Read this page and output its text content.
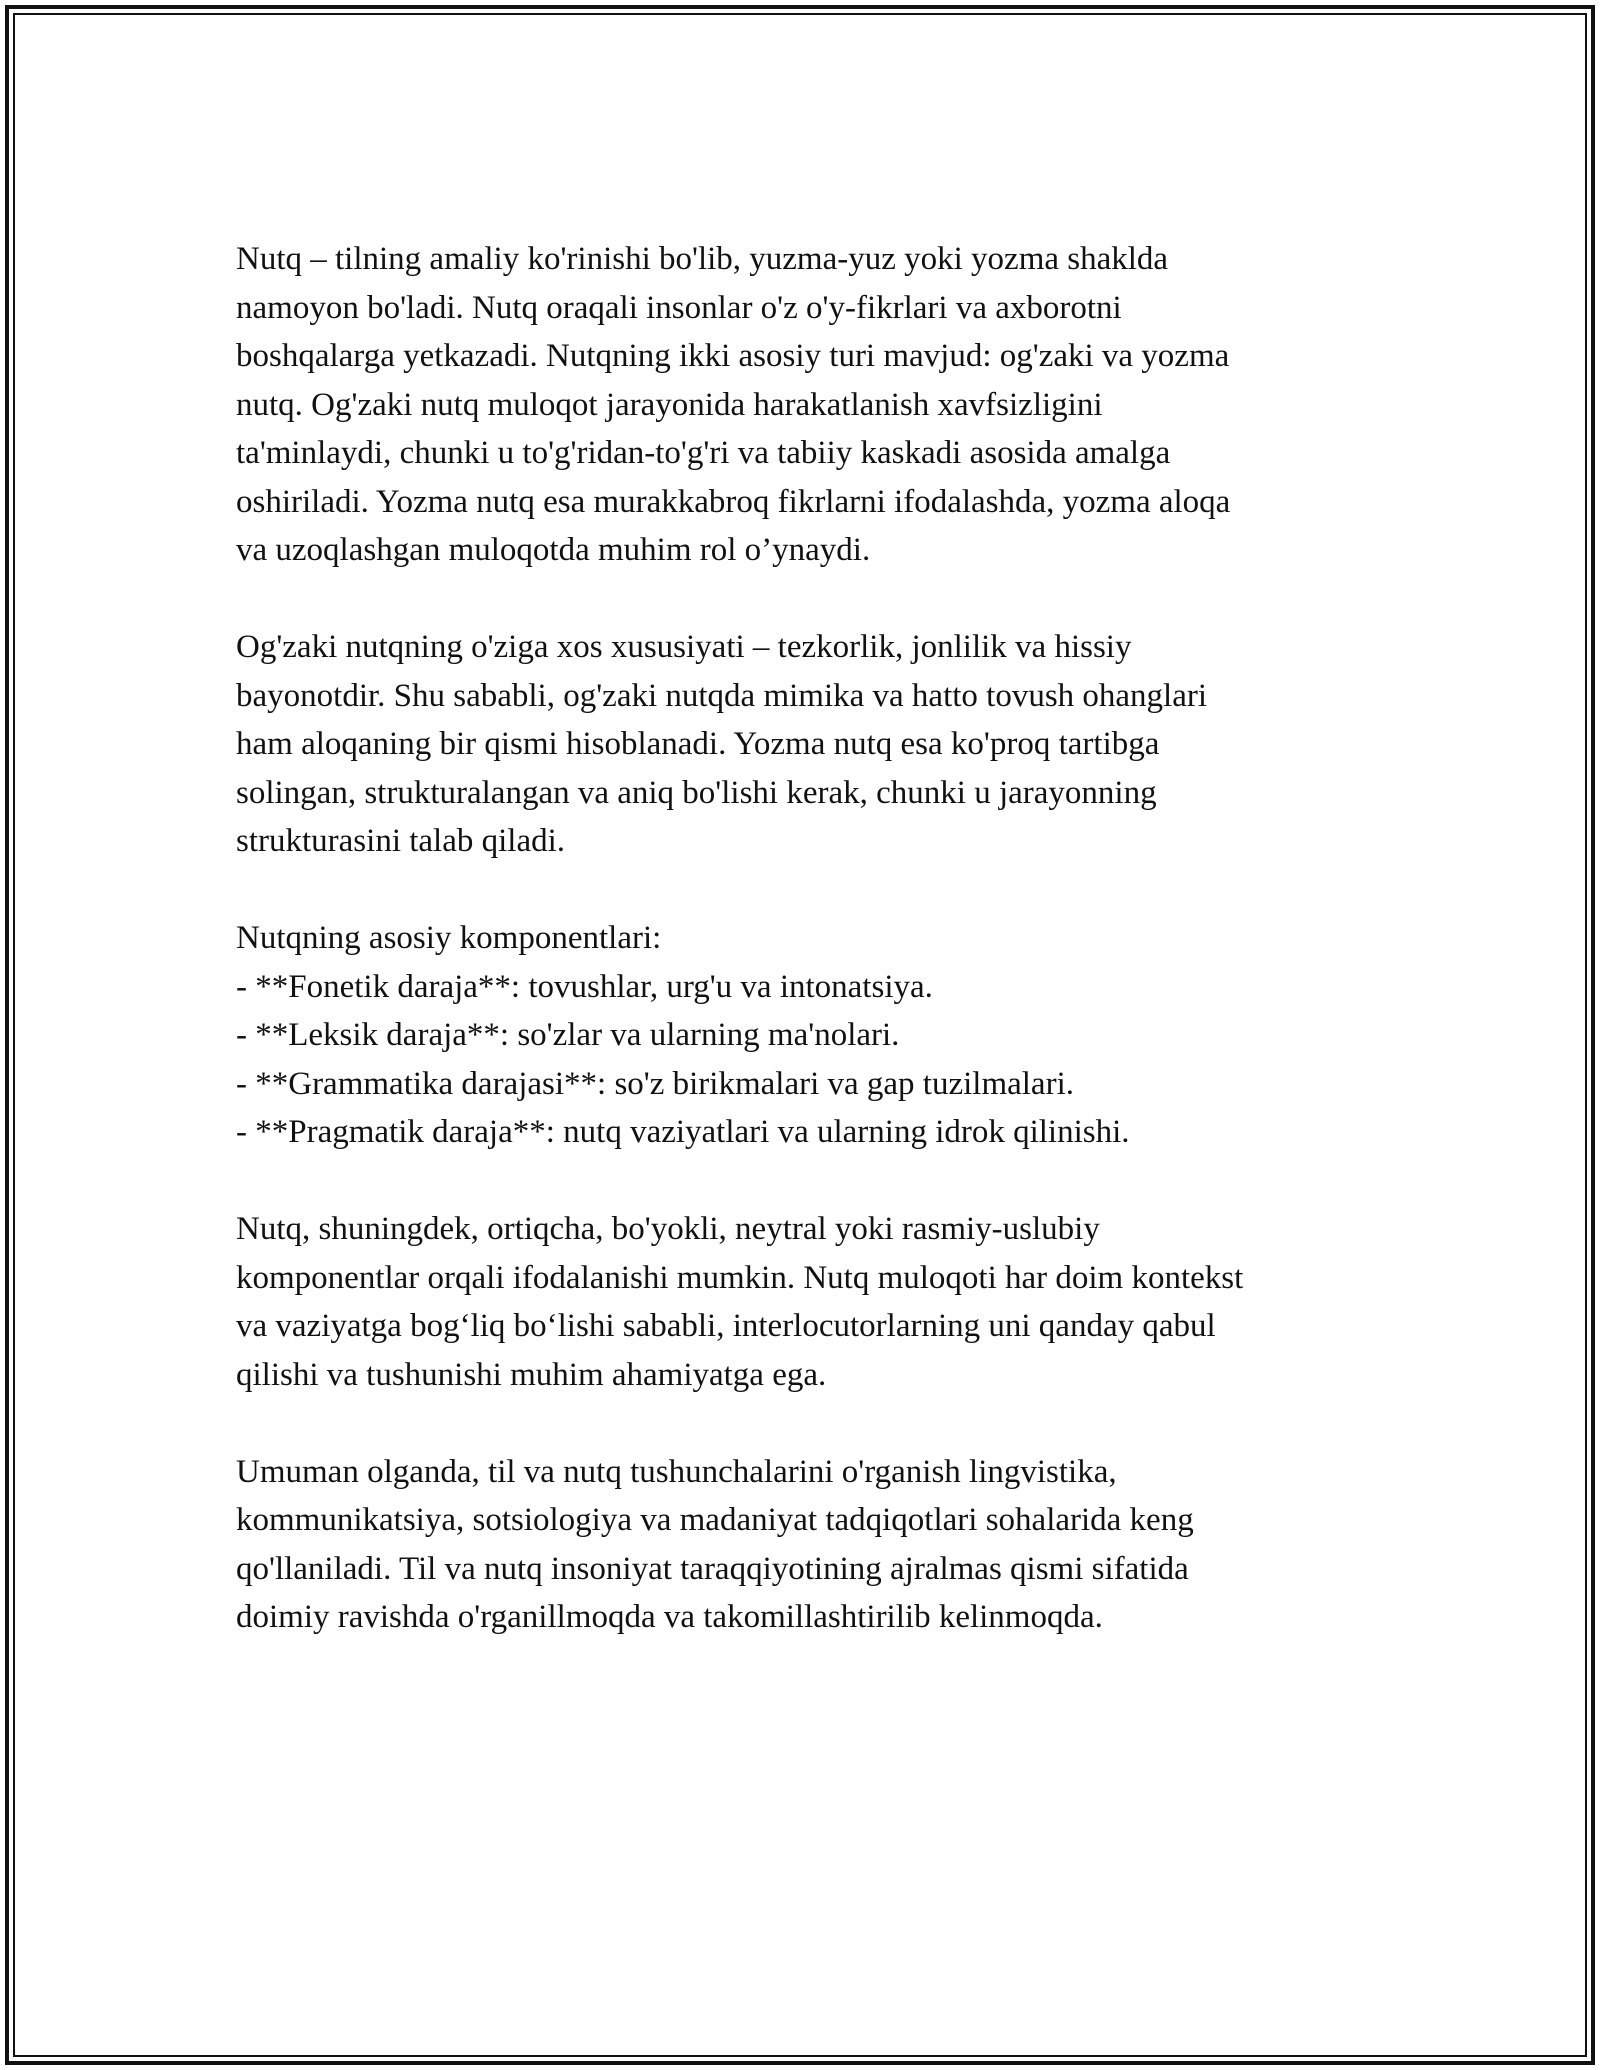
Nutq – tilning amaliy ko'rinishi bo'lib, yuzma-yuz yoki yozma shaklda
namoyon bo'ladi. Nutq oraqali insonlar o'z o'y-fikrlari va axborotni
boshqalarga yetkazadi. Nutqning ikki asosiy turi mavjud: og'zaki va yozma
nutq. Og'zaki nutq muloqot jarayonida harakatlanish xavfsizligini
ta'minlaydi, chunki u to'g'ridan-to'g'ri va tabiiy kaskadi asosida amalga
oshiriladi. Yozma nutq esa murakkabroq fikrlarni ifodalashda, yozma aloqa
va uzoqlashgan muloqotda muhim rol o’ynaydi.

Og'zaki nutqning o'ziga xos xususiyati – tezkorlik, jonlilik va hissiy
bayonotdir. Shu sababli, og'zaki nutqda mimika va hatto tovush ohanglari
ham aloqaning bir qismi hisoblanadi. Yozma nutq esa ko'proq tartibga
solingan, strukturalangan va aniq bo'lishi kerak, chunki u jarayonning
strukturasini talab qiladi.

Nutqning asosiy komponentlari:

- **Fonetik daraja**: tovushlar, urg'u va intonatsiya.
- **Leksik daraja**: so'zlar va ularning ma'nolari.
- **Grammatika darajasi**: so'z birikmalari va gap tuzilmalari.
- **Pragmatik daraja**: nutq vaziyatlari va ularning idrok qilinishi.

Nutq, shuningdek, ortiqcha, bo'yokli, neytral yoki rasmiy-uslubiy
komponentlar orqali ifodalanishi mumkin. Nutq muloqoti har doim kontekst
va vaziyatga bog‘liq bo‘lishi sababli, interlocutorlarning uni qanday qabul
qilishi va tushunishi muhim ahamiyatga ega.

Umuman olganda, til va nutq tushunchalarini o'rganish lingvistika,
kommunikatsiya, sotsiologiya va madaniyat tadqiqotlari sohalarida keng
qo'llaniladi. Til va nutq insoniyat taraqqiyotining ajralmas qismi sifatida
doimiy ravishda o'rganillmoqda va takomillashtirilib kelinmoqda.
